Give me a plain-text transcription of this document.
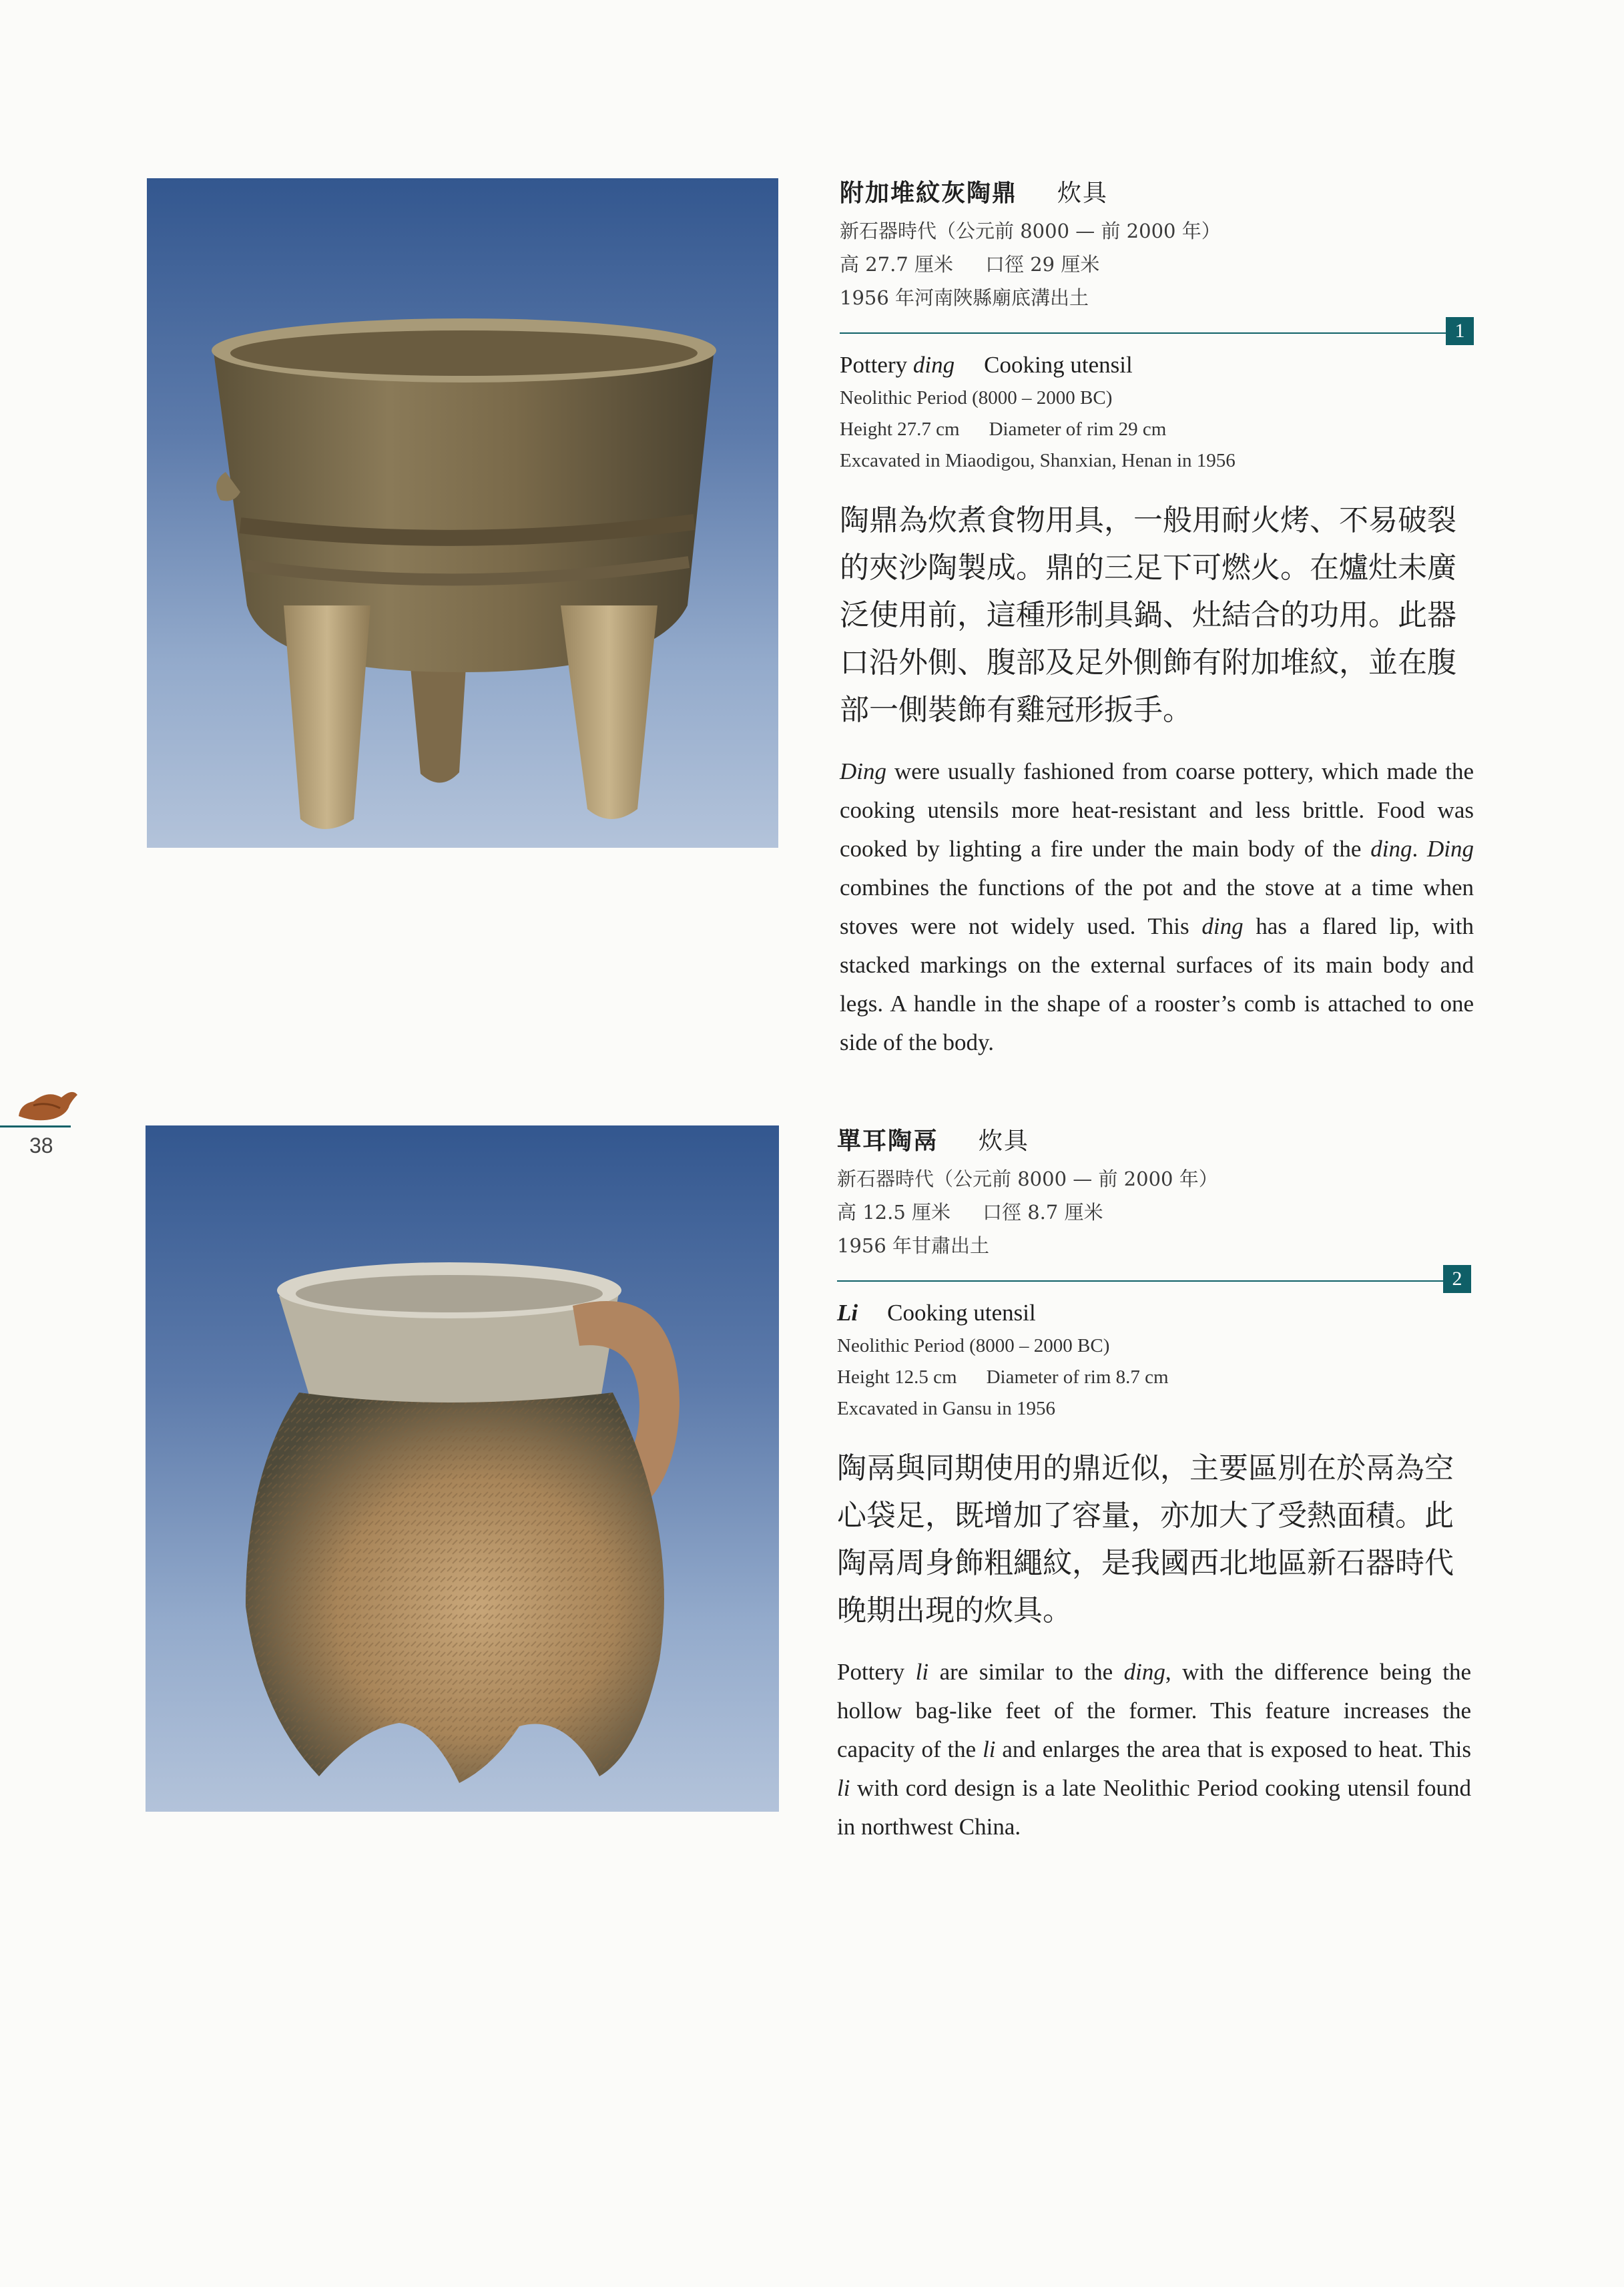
附加堆紋灰陶鼎 炊具
新石器時代（公元前 8000 — 前 2000 年）
高 27.7 厘米 口徑 29 厘米
1956 年河南陜縣廟底溝出土
1
Pottery ding Cooking utensil
Neolithic Period (8000 – 2000 BC)
Height 27.7 cm Diameter of rim 29 cm
Excavated in Miaodigou, Shanxian, Henan in 1956
陶鼎為炊煮食物用具，一般用耐火烤、不易破裂的夾沙陶製成。鼎的三足下可燃火。在爐灶未廣泛使用前，這種形制具鍋、灶結合的功用。此器口沿外側、腹部及足外側飾有附加堆紋，並在腹部一側裝飾有雞冠形扳手。
Ding were usually fashioned from coarse pottery, which made the cooking utensils more heat-resistant and less brittle. Food was cooked by lighting a fire under the main body of the ding. Ding combines the functions of the pot and the stove at a time when stoves were not widely used. This ding has a flared lip, with stacked markings on the external surfaces of its main body and legs. A handle in the shape of a rooster’s comb is attached to one side of the body.
38	單耳陶鬲 炊具
新石器時代（公元前 8000 — 前 2000 年）
高 12.5 厘米 口徑 8.7 厘米
1956 年甘肅出土
2
Li Cooking utensil
Neolithic Period (8000 – 2000 BC)
Height 12.5 cm Diameter of rim 8.7 cm
Excavated in Gansu in 1956
陶鬲與同期使用的鼎近似，主要區別在於鬲為空心袋足，既增加了容量，亦加大了受熱面積。此陶鬲周身飾粗繩紋，是我國西北地區新石器時代晚期出現的炊具。
Pottery li are similar to the ding, with the difference being the hollow bag-like feet of the former. This feature increases the capacity of the li and enlarges the area that is exposed to heat. This li with cord design is a late Neolithic Period cooking utensil found in northwest China.
